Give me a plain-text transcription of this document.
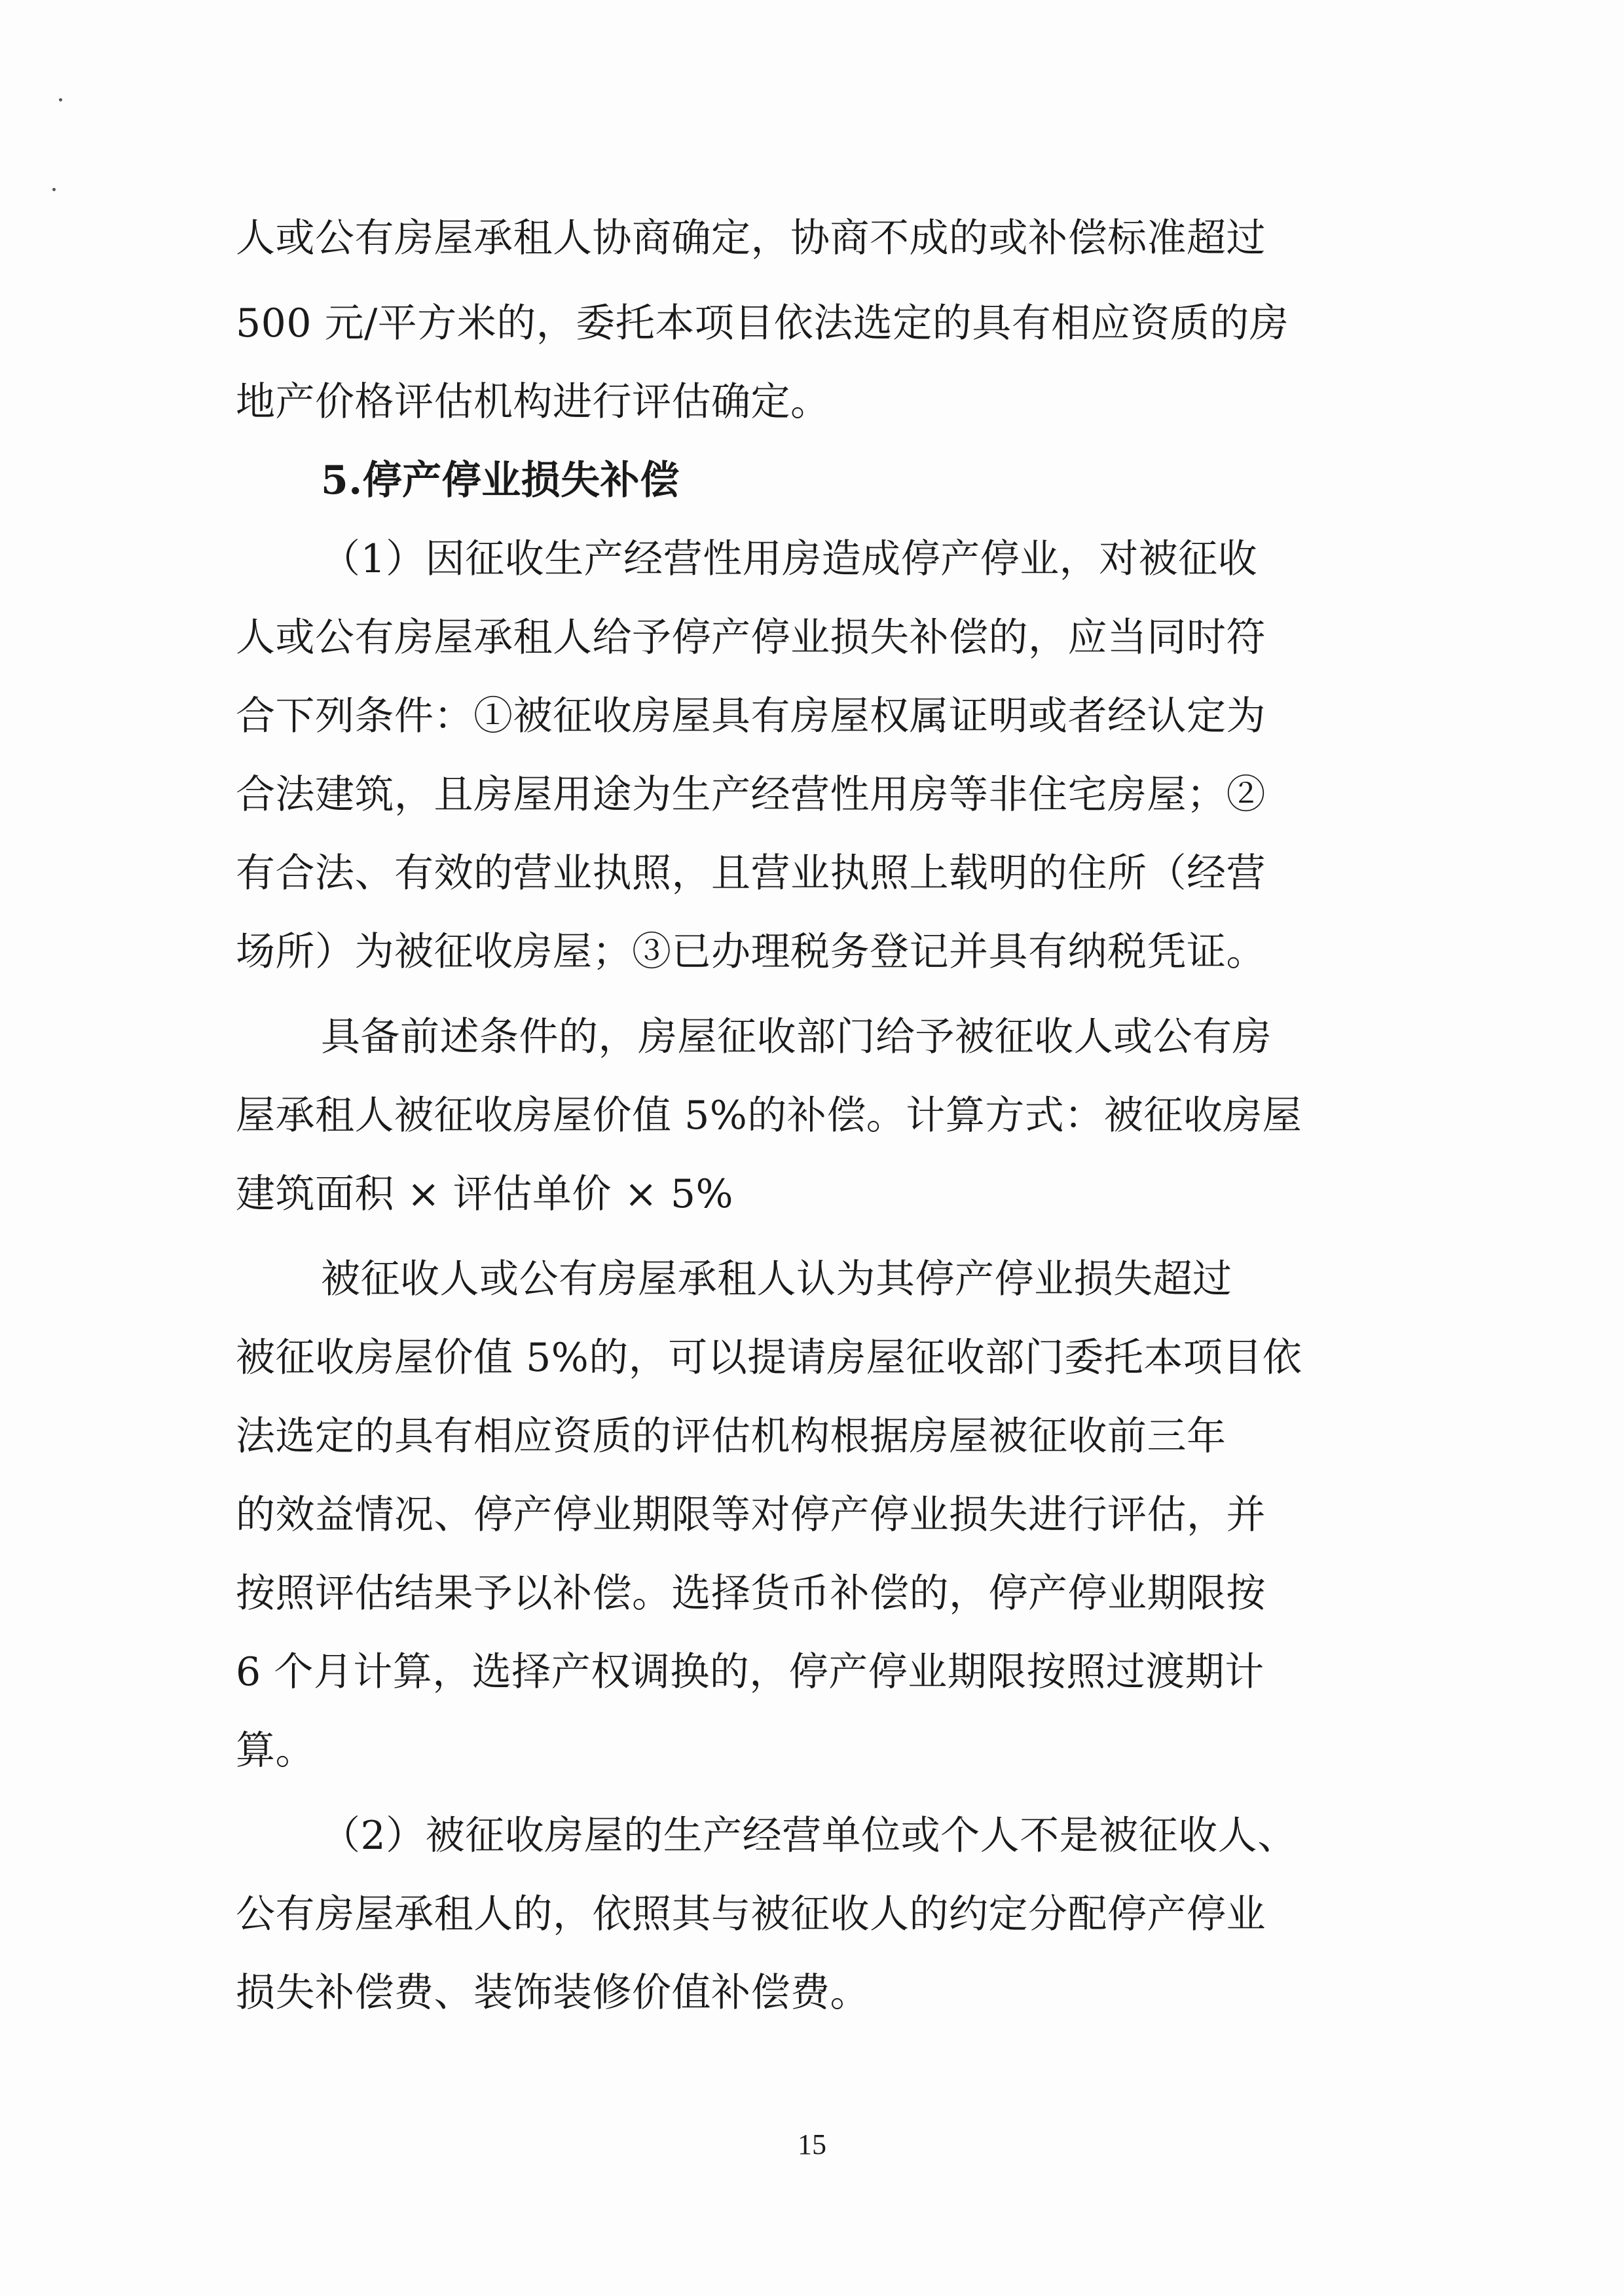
人或公有房屋承租人协商确定，协商不成的或补偿标准超过
500 元/平方米的，委托本项目依法选定的具有相应资质的房
地产价格评估机构进行评估确定。
5.停产停业损失补偿
（1）因征收生产经营性用房造成停产停业，对被征收
人或公有房屋承租人给予停产停业损失补偿的，应当同时符
合下列条件：①被征收房屋具有房屋权属证明或者经认定为
合法建筑，且房屋用途为生产经营性用房等非住宅房屋；②
有合法、有效的营业执照，且营业执照上载明的住所（经营
场所）为被征收房屋；③已办理税务登记并具有纳税凭证。
具备前述条件的，房屋征收部门给予被征收人或公有房
屋承租人被征收房屋价值 5%的补偿。计算方式：被征收房屋
建筑面积 × 评估单价 × 5%
被征收人或公有房屋承租人认为其停产停业损失超过
被征收房屋价值 5%的，可以提请房屋征收部门委托本项目依
法选定的具有相应资质的评估机构根据房屋被征收前三年
的效益情况、停产停业期限等对停产停业损失进行评估，并
按照评估结果予以补偿。选择货币补偿的，停产停业期限按
6 个月计算，选择产权调换的，停产停业期限按照过渡期计
算。
（2）被征收房屋的生产经营单位或个人不是被征收人、
公有房屋承租人的，依照其与被征收人的约定分配停产停业
损失补偿费、装饰装修价值补偿费。
15
